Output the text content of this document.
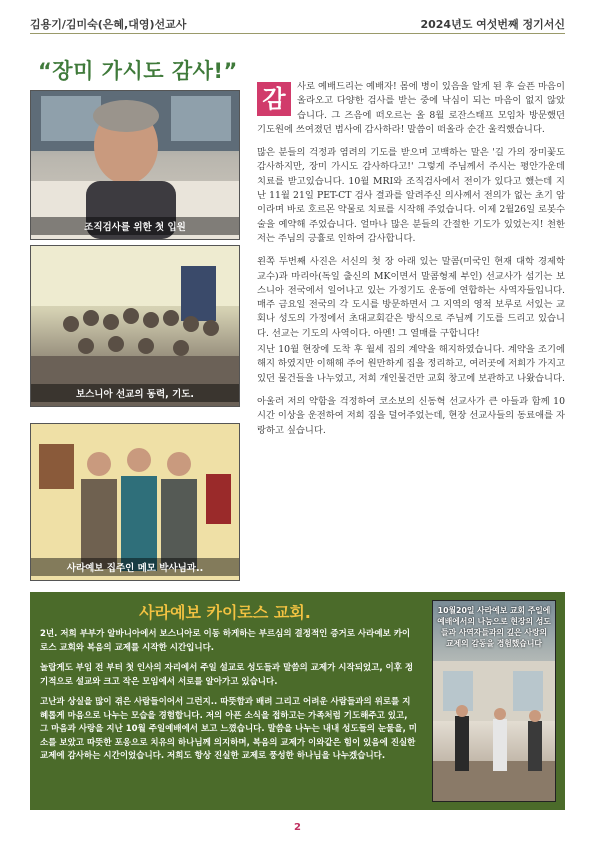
김용기/김미숙(은혜,대영)선교사	2024년도 여섯번째 정기서신
“장미 가시도 감사!”
조직검사를 위한 첫 입원
보스니아 선교의 동력, 기도.
사라예보 집주인 메모 박사님과..

감	사로 예배드리는 예배자! 몸에 병이 있음을 알게 된 후 슬픈 마음이 올라오고 다양한 검사를 받는 중에 낙심이 되는 마음이 없지 않았습니다. 그 즈음에 떠오르는 올 8월 로잔스태프 모임차 방문했던 기도원에 쓰여졌던 범사에 감사하라! 말씀이 떠올라 순간 울컥했습니다.

많은 분들의 걱정과 염려의 기도를 받으며 고백하는 말은 '길 가의 장미꽃도 감사하지만, 장미 가시도 감사하다고!' 그렇게 주님께서 주시는 평안가운데 치료를 받고있습니다. 10월 MRI와 조직검사에서 전이가 있다고 했는데 지난 11월 21일 PET-CT 검사 결과를 알려주신 의사께서 전의가 없는 초기 암이라며 바로 호르몬 약물로 치료를 시작해 주었습니다. 이제 2월26일 로봇수술을 예약해 주었습니다. 얼마나 많은 분들의 간절한 기도가 있었는지! 천한 저는 주님의 긍휼로 인하여 감사합니다.

왼쪽 두번째 사진은 서신의 첫 장 아래 있는 말콤(미국인 현재 대학 경제학 교수)과 마리아(독일 출신의 MK이면서 말콤형제 부인) 선교사가 섬기는 보스니아 전국에서 일어나고 있는 가정기도 운동에 연합하는 사역자들입니다. 매주 금요일 전국의 각 도시를 방문하면서 그 지역의 영적 보루로 서있는 교회나 성도의 가정에서 초대교회같은 방식으로 주님께 기도를 드리고 있습니다. 선교는 기도의 사역이다. 아멘! 그 열매를 구합니다!

지난 10월 현장에 도착 후 월세 집의 계약을 해지하였습니다. 계약을 조기에 해지 하였지만 이해해 주어 원만하게 집을 정리하고, 여러곳에 저희가 가지고 있던 물건들을 나누었고, 저희 개인물건만 교회 창고에 보관하고 나왔습니다.

아울러 저의 약함을 걱정하여 코소보의 신동혁 선교사가 큰 아들과 함께 10시간 이상을 운전하여 저희 짐을 덜어주었는데, 현장 선교사들의 동료애를 자랑하고 싶습니다.

사라예보 카이로스 교회.

2년. 저희 부부가 알바니아에서 보스니아로 이동 하게하는 부르심의 결정적인 증거로 사라예보 카이로스 교회와 복음의 교제를 시작한 시간입니다.

놀랍게도 부임 전 부터 첫 인사의 자리에서 주일 설교로 성도들과 말씀의 교제가 시작되었고, 이후 정기적으로 설교와 크고 작은 모임에서 서로를 알아가고 있습니다.

고난과 상실을 많이 겪은 사람들이어서 그런지.. 따뜻함과 배려 그리고 어려운 사람들과의 위로를 지혜롭게 마음으로 나누는 모습을 경험합니다. 저의 아픈 소식을 접하고는 가족처럼 기도해주고 있고, 그 마음과 사랑을 지난 10월 주일예배에서 보고 느꼈습니다. 말씀을 나누는 내내 성도들의 눈물을, 미소를 보았고 따뜻한 포옹으로 치유의 하나님께 의지하며, 복음의 교제가 이와같은 힘이 있음에 진실한 교제에 감사하는 시간이었습니다. 저희도 항상 진실한 교제로 풍성한 하나님을 나누겠습니다.

10월20일 사라예보 교회 주일에 예배에서의 나눔으로 현장의 성도들과 사역자들과의 깊은 사랑의 교제의 감동을 경험했습니다
2
